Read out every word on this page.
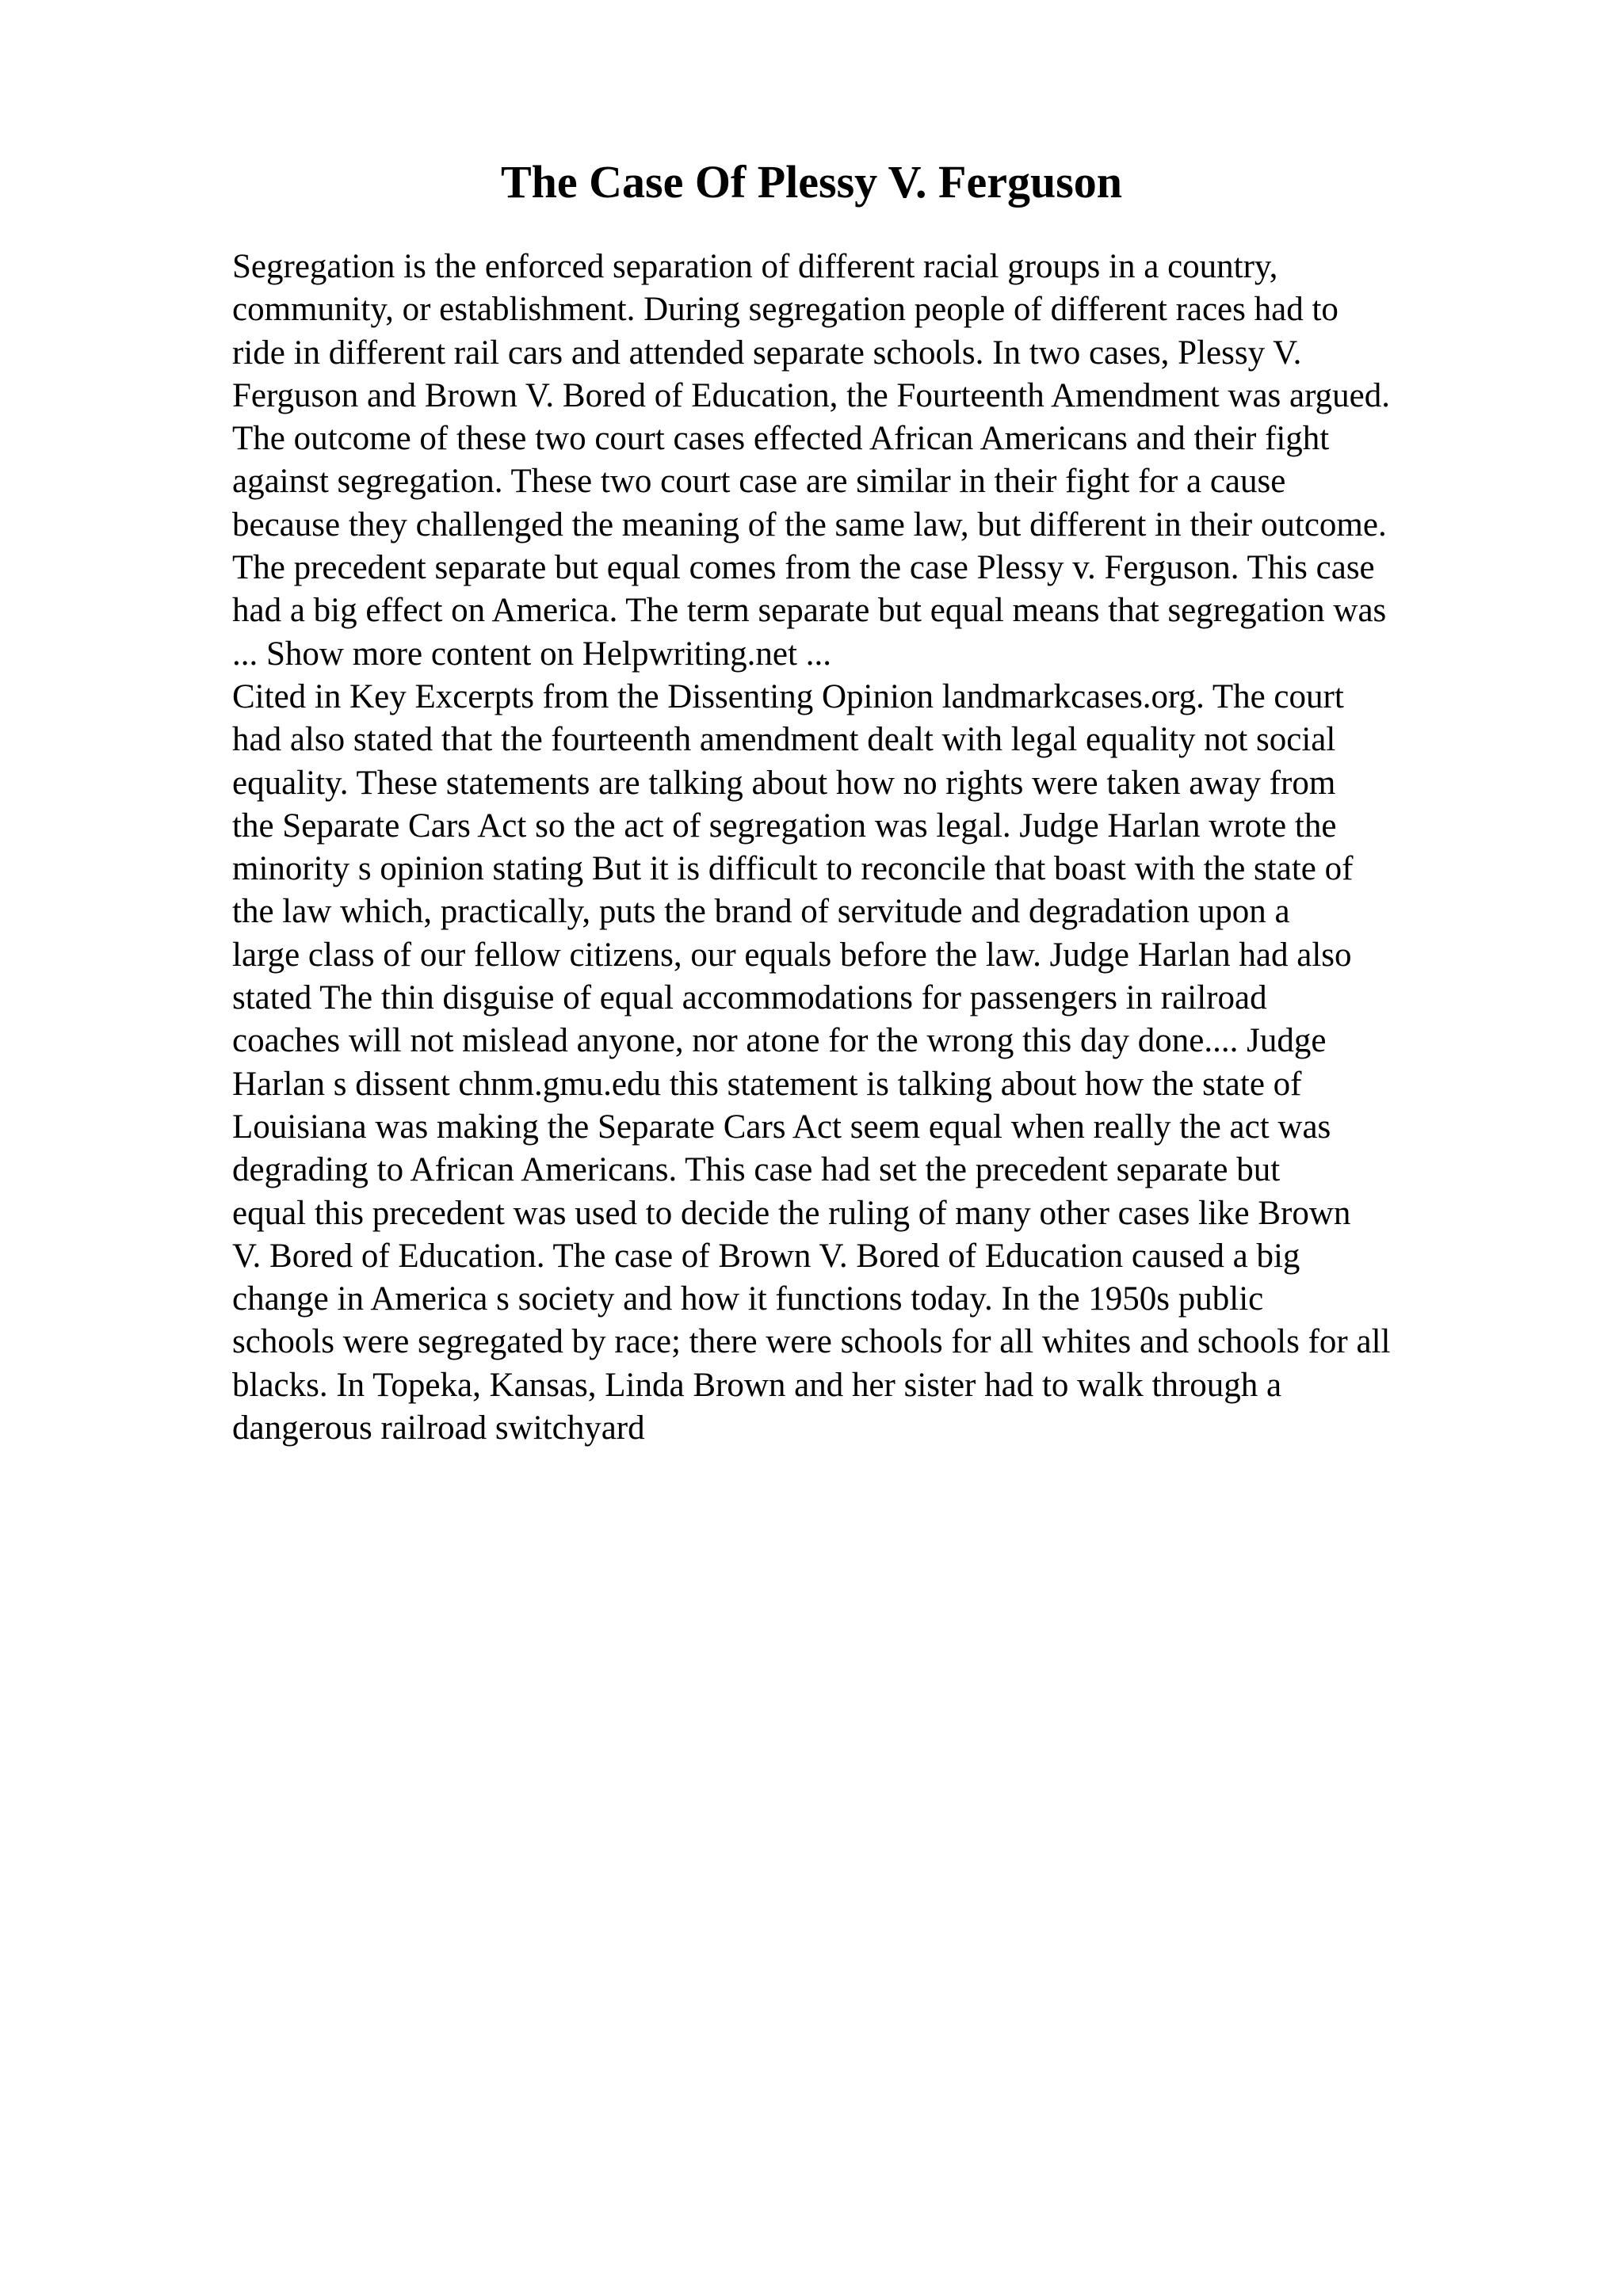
The Case Of Plessy V. Ferguson
Segregation is the enforced separation of different racial groups in a country,
community, or establishment. During segregation people of different races had to
ride in different rail cars and attended separate schools. In two cases, Plessy V.
Ferguson and Brown V. Bored of Education, the Fourteenth Amendment was argued.
The outcome of these two court cases effected African Americans and their fight
against segregation. These two court case are similar in their fight for a cause
because they challenged the meaning of the same law, but different in their outcome.
The precedent separate but equal comes from the case Plessy v. Ferguson. This case
had a big effect on America. The term separate but equal means that segregation was
... Show more content on Helpwriting.net ...
Cited in Key Excerpts from the Dissenting Opinion landmarkcases.org. The court
had also stated that the fourteenth amendment dealt with legal equality not social
equality. These statements are talking about how no rights were taken away from
the Separate Cars Act so the act of segregation was legal. Judge Harlan wrote the
minority s opinion stating But it is difficult to reconcile that boast with the state of
the law which, practically, puts the brand of servitude and degradation upon a
large class of our fellow citizens, our equals before the law. Judge Harlan had also
stated The thin disguise of equal accommodations for passengers in railroad
coaches will not mislead anyone, nor atone for the wrong this day done.... Judge
Harlan s dissent chnm.gmu.edu this statement is talking about how the state of
Louisiana was making the Separate Cars Act seem equal when really the act was
degrading to African Americans. This case had set the precedent separate but
equal this precedent was used to decide the ruling of many other cases like Brown
V. Bored of Education. The case of Brown V. Bored of Education caused a big
change in America s society and how it functions today. In the 1950s public
schools were segregated by race; there were schools for all whites and schools for all
blacks. In Topeka, Kansas, Linda Brown and her sister had to walk through a
dangerous railroad switchyard
